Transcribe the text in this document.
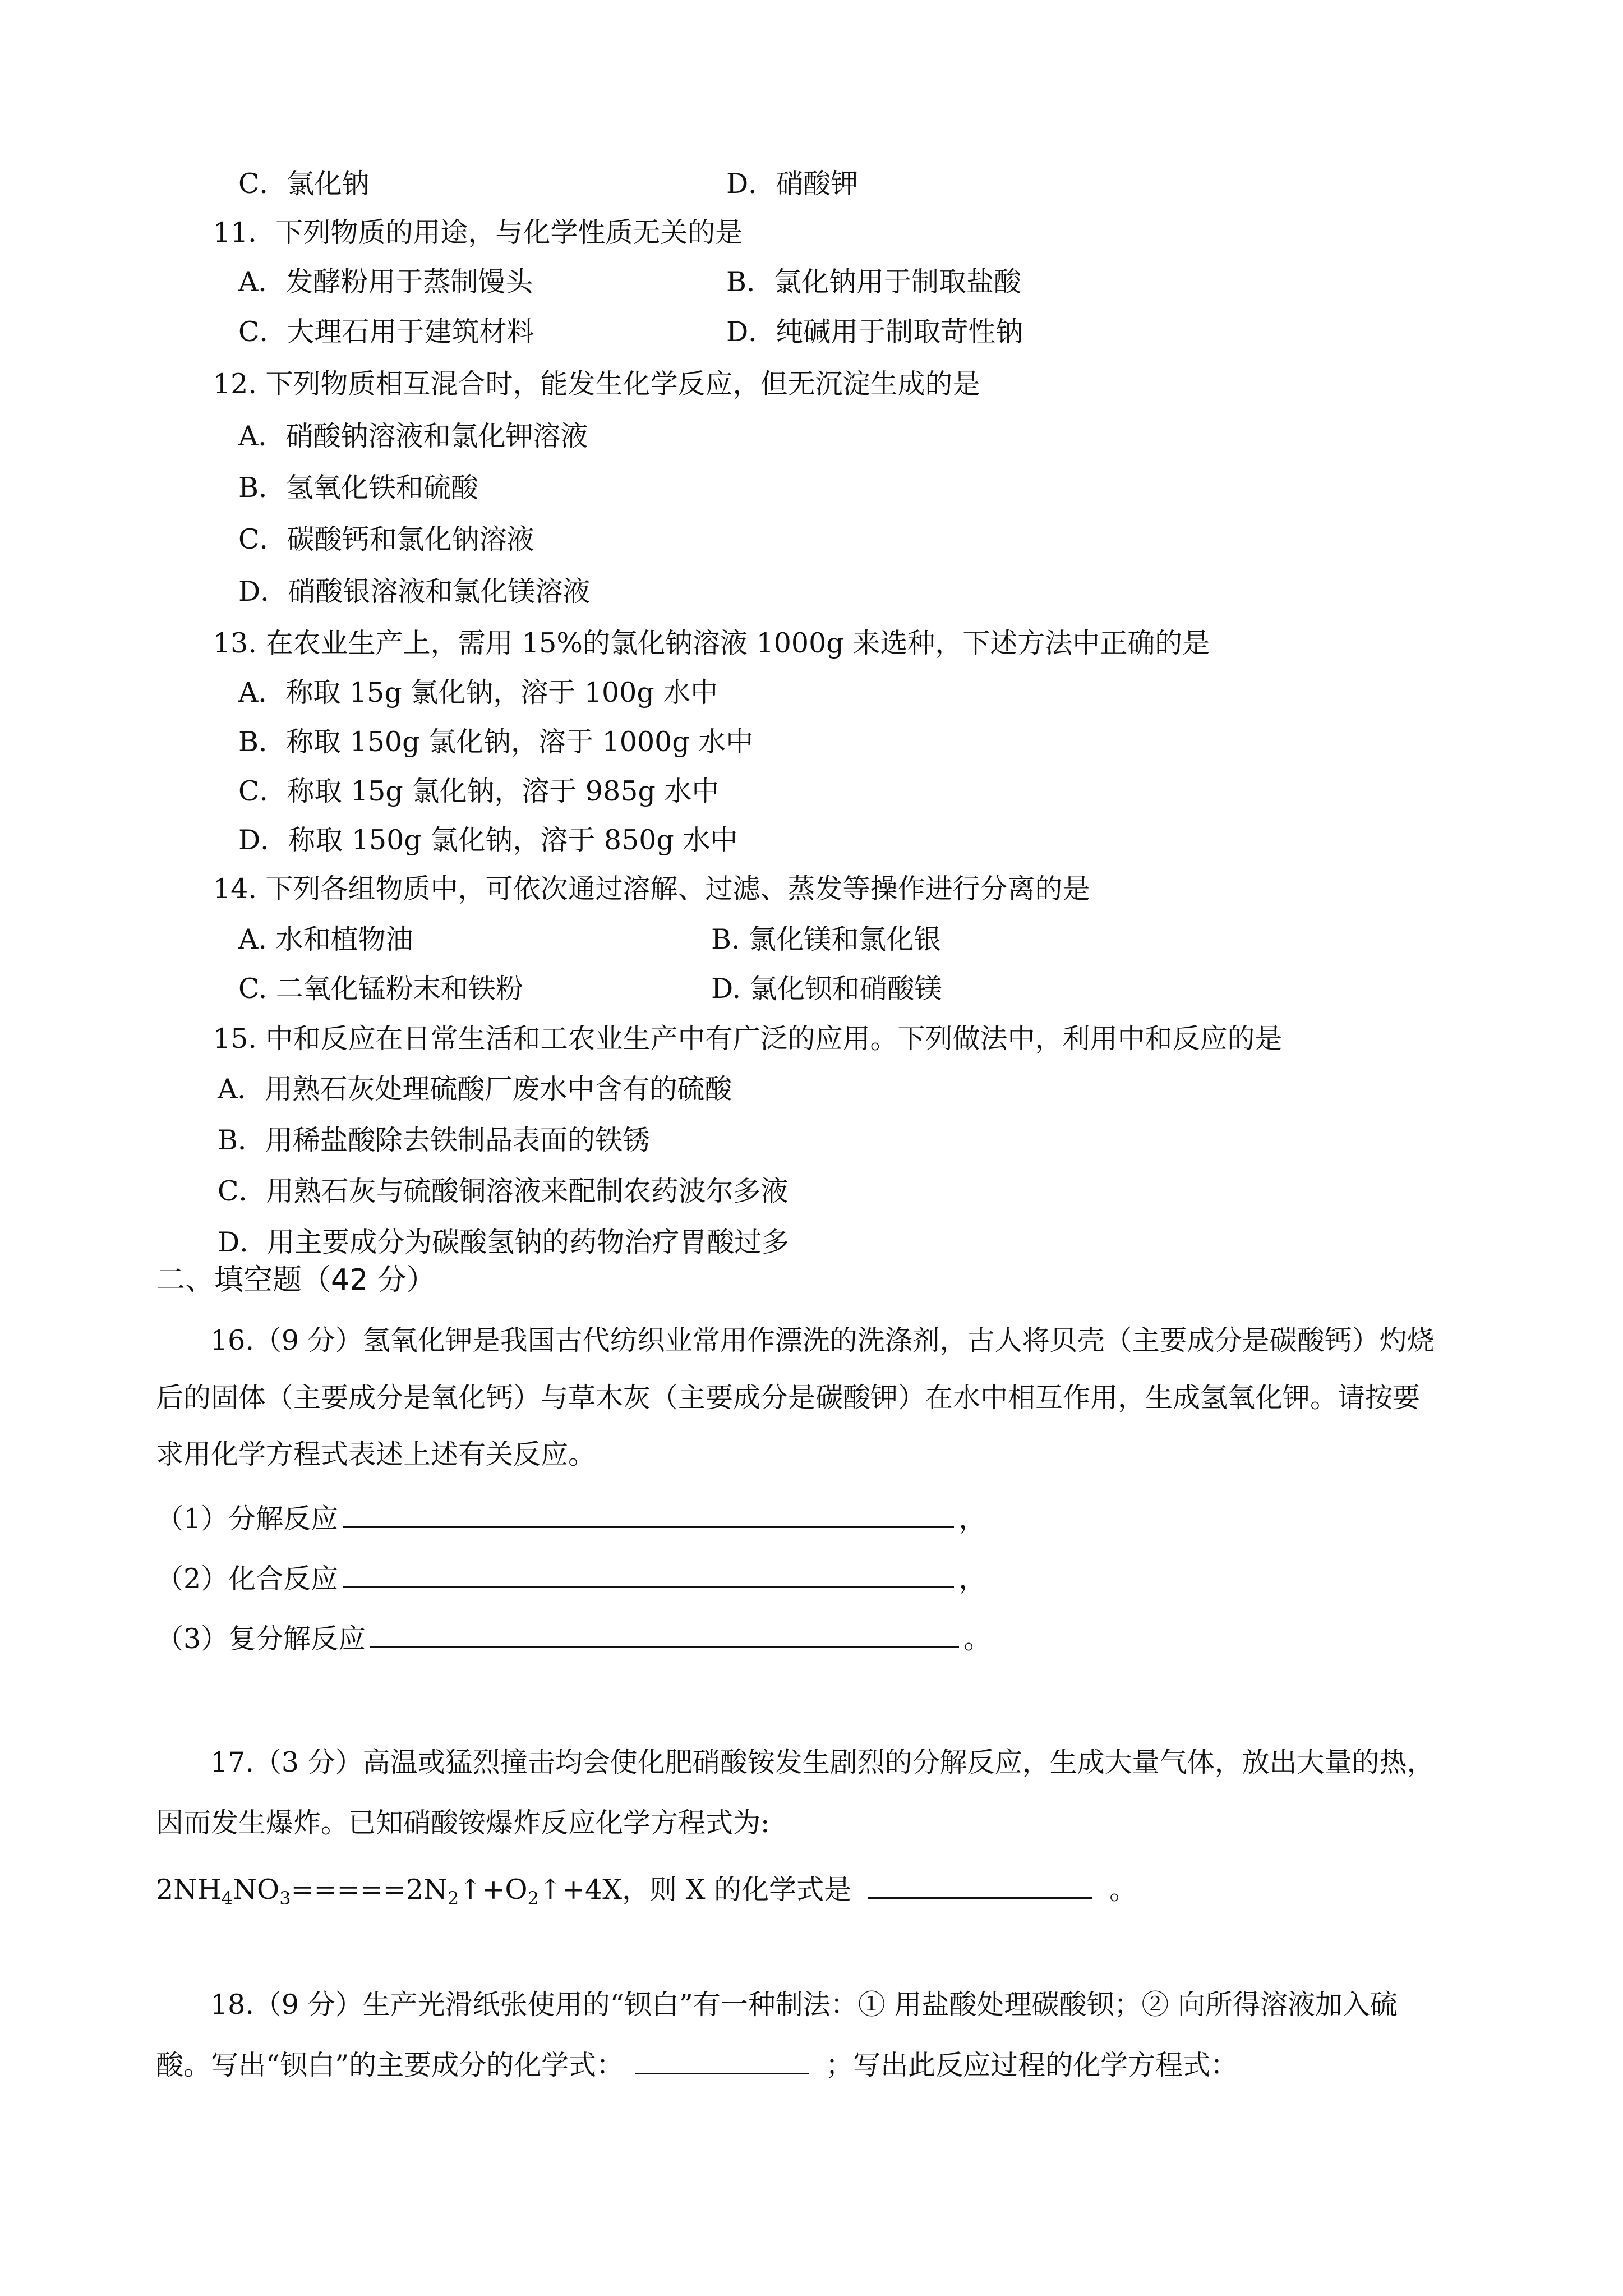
C．氯化钠	D．硝酸钾
11．下列物质的用途，与化学性质无关的是
A．发酵粉用于蒸制馒头	B．氯化钠用于制取盐酸
C．大理石用于建筑材料	D．纯碱用于制取苛性钠
12. 下列物质相互混合时，能发生化学反应，但无沉淀生成的是
A．硝酸钠溶液和氯化钾溶液
B．氢氧化铁和硫酸
C．碳酸钙和氯化钠溶液
D．硝酸银溶液和氯化镁溶液
13. 在农业生产上，需用 15%的氯化钠溶液 1000g 来选种，下述方法中正确的是
A．称取 15g 氯化钠，溶于 100g 水中
B．称取 150g 氯化钠，溶于 1000g 水中
C．称取 15g 氯化钠，溶于 985g 水中
D．称取 150g 氯化钠，溶于 850g 水中
14. 下列各组物质中，可依次通过溶解、过滤、蒸发等操作进行分离的是
A. 水和植物油	B. 氯化镁和氯化银
C. 二氧化锰粉末和铁粉	D. 氯化钡和硝酸镁
15. 中和反应在日常生活和工农业生产中有广泛的应用。下列做法中，利用中和反应的是
A．用熟石灰处理硫酸厂废水中含有的硫酸
B．用稀盐酸除去铁制品表面的铁锈
C．用熟石灰与硫酸铜溶液来配制农药波尔多液
D．用主要成分为碳酸氢钠的药物治疗胃酸过多
二、填空题（42 分）
16.（9 分）氢氧化钾是我国古代纺织业常用作漂洗的洗涤剂，古人将贝壳（主要成分是碳酸钙）灼烧
后的固体（主要成分是氧化钙）与草木灰（主要成分是碳酸钾）在水中相互作用，生成氢氧化钾。请按要
求用化学方程式表述上述有关反应。
（1）分解反应	，
（2）化合反应	，
（3）复分解反应	。
17.（3 分）高温或猛烈撞击均会使化肥硝酸铵发生剧烈的分解反应，生成大量气体，放出大量的热，
因而发生爆炸。已知硝酸铵爆炸反应化学方程式为:
$2NH_4NO_3=====2N_2↑+O_2↑+4X$，则 X 的化学式是	。
18.（9 分）生产光滑纸张使用的“钡白”有一种制法：① 用盐酸处理碳酸钡；② 向所得溶液加入硫
酸。写出“钡白”的主要成分的化学式：	；写出此反应过程的化学方程式：
